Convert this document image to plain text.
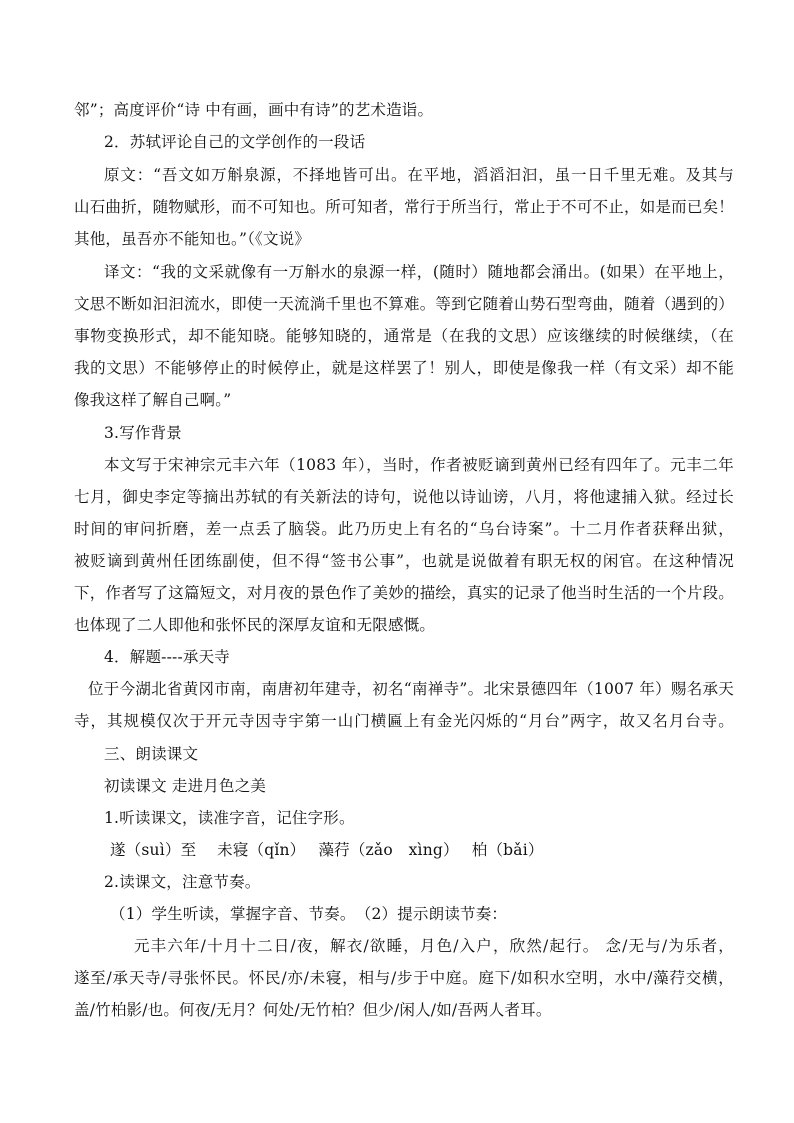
邻”；高度评价“诗 中有画，画中有诗”的艺术造诣。
2．苏轼评论自己的文学创作的一段话
原文：“吾文如万斛泉源，不择地皆可出。在平地，滔滔汩汩，虽一日千里无难。及其与
山石曲折，随物赋形，而不可知也。所可知者，常行于所当行，常止于不可不止，如是而已矣！
其他，虽吾亦不能知也。”（《文说》
译文：“我的文采就像有一万斛水的泉源一样，(随时）随地都会涌出。(如果）在平地上，
文思不断如汩汩流水，即使一天流淌千里也不算难。等到它随着山势石型弯曲，随着（遇到的）
事物变换形式，却不能知晓。能够知晓的，通常是（在我的文思）应该继续的时候继续，（在
我的文思）不能够停止的时候停止，就是这样罢了！别人，即使是像我一样（有文采）却不能
像我这样了解自己啊。”
3.写作背景
本文写于宋神宗元丰六年（1083 年），当时，作者被贬谪到黄州已经有四年了。元丰二年
七月，御史李定等摘出苏轼的有关新法的诗句，说他以诗讪谤，八月，将他逮捕入狱。经过长
时间的审问折磨，差一点丢了脑袋。此乃历史上有名的“乌台诗案”。十二月作者获释出狱，
被贬谪到黄州任团练副使，但不得“签书公事”，也就是说做着有职无权的闲官。在这种情况
下，作者写了这篇短文，对月夜的景色作了美妙的描绘，真实的记录了他当时生活的一个片段。
也体现了二人即他和张怀民的深厚友谊和无限感慨。
4．解题----承天寺
位于今湖北省黄冈市南，南唐初年建寺，初名“南禅寺”。北宋景德四年（1007 年）赐名承天
寺，其规模仅次于开元寺因寺宇第一山门横匾上有金光闪烁的“月台”两字，故又名月台寺。
三、朗读课文
初读课文 走进月色之美
1.听读课文，读准字音，记住字形。
遂（suì）至　 未寝（qǐn）　 藻荇（zǎo　xìng）　 柏（bǎi）
2.读课文，注意节奏。
（1）学生听读，掌握字音、节奏。　（2）提示朗读节奏：
元丰六年/十月十二日/夜，解衣/欲睡，月色/入户，欣然/起行。 念/无与/为乐者，
遂至/承天寺/寻张怀民。怀民/亦/未寝，相与/步于中庭。庭下/如积水空明，水中/藻荇交横，
盖/竹柏影/也。何夜/无月？何处/无竹柏？但少/闲人/如/吾两人者耳。
